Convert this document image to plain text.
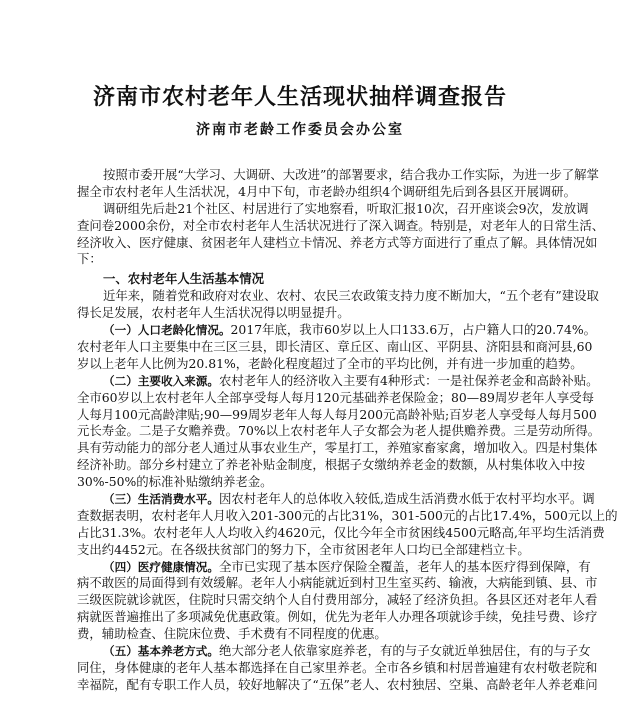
济南市农村老年人生活现状抽样调查报告
济南市老龄工作委员会办公室
按照市委开展“大学习、大调研、大改进”的部署要求，结合我办工作实际，为进一步了解掌
握全市农村老年人生活状况，4月中下旬，市老龄办组织4个调研组先后到各县区开展调研。
调研组先后赴21个社区、村居进行了实地察看，听取汇报10次，召开座谈会9次，发放调
查问卷2000余份，对全市农村老年人生活状况进行了深入调查。特别是，对老年人的日常生活、
经济收入、医疗健康、贫困老年人建档立卡情况、养老方式等方面进行了重点了解。具体情况如
下：
一、农村老年人生活基本情况
近年来，随着党和政府对农业、农村、农民三农政策支持力度不断加大，“五个老有”建设取
得长足发展，农村老年人生活状况得以明显提升。
（一）人口老龄化情况。2017年底，我市60岁以上人口133.6万，占户籍人口的20.74%。
农村老年人口主要集中在三区三县，即长清区、章丘区、南山区、平阴县、济阳县和商河县,60
岁以上老年人比例为20.81%，老龄化程度超过了全市的平均比例，并有进一步加重的趋势。
（二）主要收入来源。农村老年人的经济收入主要有4种形式：一是社保养老金和高龄补贴。
全市60岁以上农村老年人全部享受每人每月120元基础养老保险金；80—89周岁老年人享受每
人每月100元高龄津贴;90—99周岁老年人每人每月200元高龄补贴;百岁老人享受每人每月500
元长寿金。二是子女赡养费。70%以上农村老年人子女都会为老人提供赡养费。三是劳动所得。
具有劳动能力的部分老人通过从事农业生产，零星打工，养殖家畜家禽，增加收入。四是村集体
经济补助。部分乡村建立了养老补贴金制度，根据子女缴纳养老金的数额，从村集体收入中按
30%-50%的标准补贴缴纳养老金。
（三）生活消费水平。因农村老年人的总体收入较低,造成生活消费水低于农村平均水平。调
查数据表明，农村老年人月收入201-300元的占比31%，301-500元的占比17.4%，500元以上的
占比31.3%。农村老年人人均收入约4620元，仅比今年全市贫困线4500元略高,年平均生活消费
支出约4452元。在各级扶贫部门的努力下，全市贫困老年人口均已全部建档立卡。
（四）医疗健康情况。全市已实现了基本医疗保险全覆盖，老年人的基本医疗得到保障，有
病不敢医的局面得到有效缓解。老年人小病能就近到村卫生室买药、输液，大病能到镇、县、市
三级医院就诊就医，住院时只需交纳个人自付费用部分，减轻了经济负担。各县区还对老年人看
病就医普遍推出了多项减免优惠政策。例如，优先为老年人办理各项就诊手续，免挂号费、诊疗
费，辅助检查、住院床位费、手术费有不同程度的优惠。
（五）基本养老方式。绝大部分老人依靠家庭养老，有的与子女就近单独居住，有的与子女
同住，身体健康的老年人基本都选择在自己家里养老。全市各乡镇和村居普遍建有农村敬老院和
幸福院，配有专职工作人员，较好地解决了“五保”老人、农村独居、空巢、高龄老年人养老难问
